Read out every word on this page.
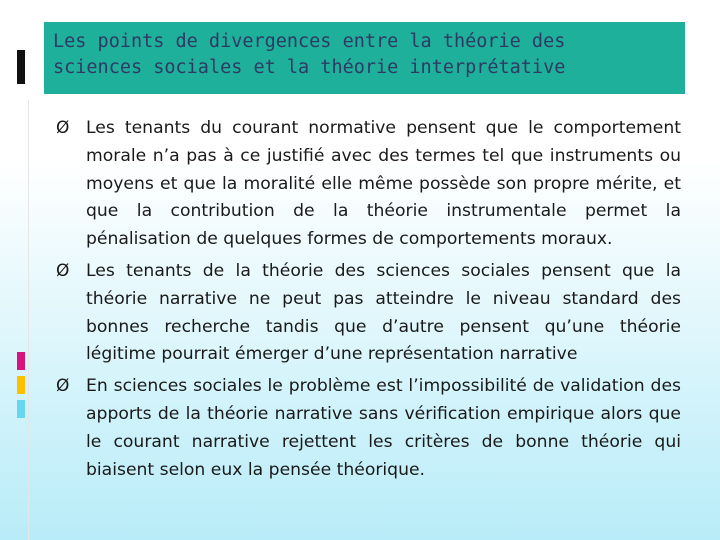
Les points de divergences entre la théorie des
sciences sociales et la théorie interprétative
Ø Les tenants du courant normative pensent que le comportement morale n’a pas à ce justifié avec des termes tel que instruments ou moyens et que la moralité elle même possède son propre mérite, et que la contribution de la théorie instrumentale permet la pénalisation de quelques formes de comportements moraux.
Ø Les tenants de la théorie des sciences sociales pensent que la théorie narrative ne peut pas atteindre le niveau standard des bonnes recherche tandis que d’autre pensent qu’une théorie légitime pourrait émerger d’une représentation narrative
Ø En sciences sociales le problème est l’impossibilité de validation des apports de la théorie narrative sans vérification empirique alors que le courant narrative rejettent les critères de bonne théorie qui biaisent selon eux la pensée théorique.
